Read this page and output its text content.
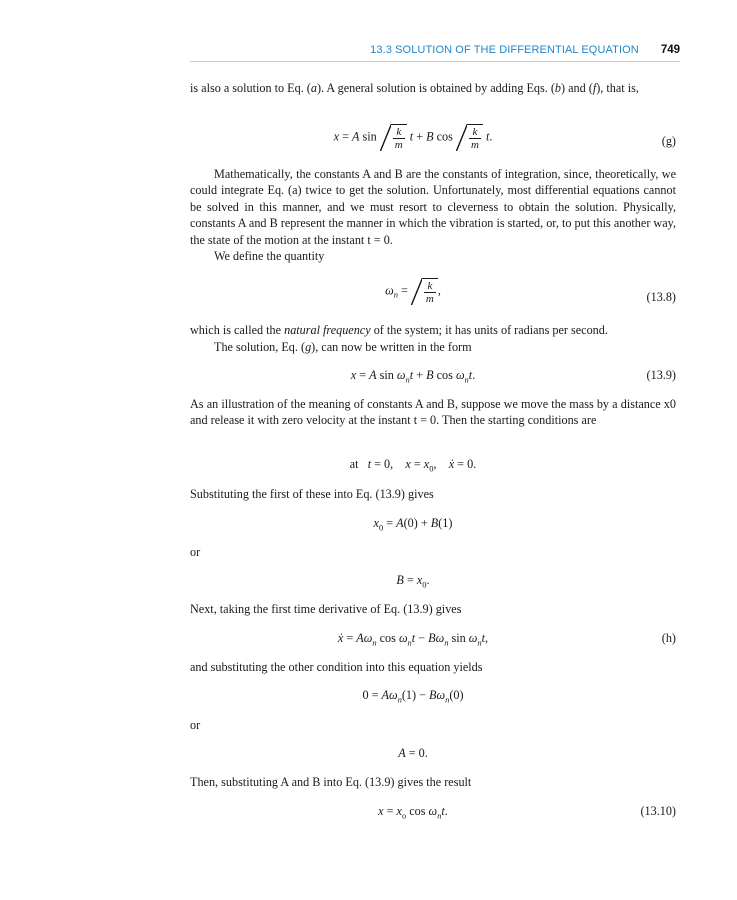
13.3 SOLUTION OF THE DIFFERENTIAL EQUATION 749

is also a solution to Eq. (a). A general solution is obtained by adding Eqs. (b) and (f), that is,

x = A $\sin \frac{k}{m}$ t + B $\cos \frac{k}{m} t$.	(g)

Mathematically, the constants A and B are the constants of integration, since, theoretically, we could integrate Eq. (a) twice to get the solution. Unfortunately, most differential equations cannot be solved in this manner, and we must resort to cleverness to obtain the solution. Physically, constants A and B represent the manner in which the vibration is started, or, to put this another way, the state of the motion at the instant t = 0.

We define the quantity

$\omega_n = \frac{k}{m}$ ,	(13.8)

which is called the natural frequency of the system; it has units of radians per second.

The solution, Eq. (g), can now be written in the form

x = A $\sin \omega_nt + B$ $\cos \omega_nt$.	(13.9)

As an illustration of the meaning of constants A and B, suppose we move the mass by a distance x0 and release it with zero velocity at the instant t = 0. Then the starting conditions are

at t = 0,    $x = x_0$,    ẋ = 0.

Substituting the first of these into Eq. (13.9) gives

$x_0 = A(0) + B(1)$

or

$B = x_0$.

Next, taking the first time derivative of Eq. (13.9) gives

ẋ = $A\omega_n$ $\cos \omega_nt - B\omega_n$ $\sin \omega_nt$,	(h)

and substituting the other condition into this equation yields

$0 = A\omega_n(1) - B\omega_n(0)$

or

A = 0.

Then, substituting A and B into Eq. (13.9) gives the result

$x = x_o$ $\cos \omega_nt$.	(13.10)
